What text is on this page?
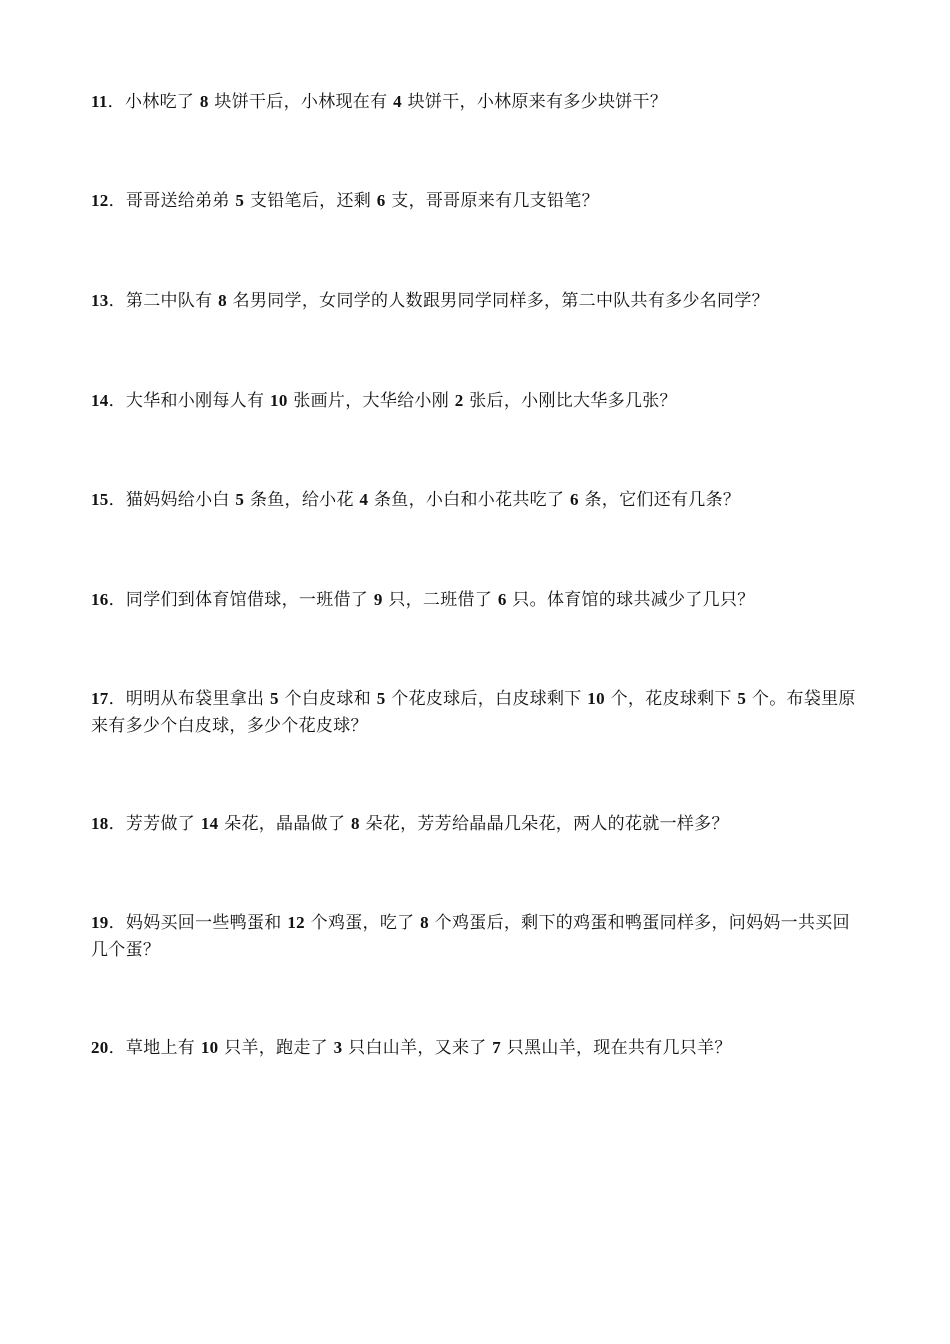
11．小林吃了 8 块饼干后，小林现在有 4 块饼干，小林原来有多少块饼干？

12．哥哥送给弟弟 5 支铅笔后，还剩 6 支，哥哥原来有几支铅笔？

13．第二中队有 8 名男同学，女同学的人数跟男同学同样多，第二中队共有多少名同学？

14．大华和小刚每人有 10 张画片，大华给小刚 2 张后，小刚比大华多几张？

15．猫妈妈给小白 5 条鱼，给小花 4 条鱼，小白和小花共吃了 6 条，它们还有几条？

16．同学们到体育馆借球，一班借了 9 只，二班借了 6 只。体育馆的球共减少了几只？

17．明明从布袋里拿出 5 个白皮球和 5 个花皮球后，白皮球剩下 10 个，花皮球剩下 5 个。布袋里原来有多少个白皮球，多少个花皮球？

18．芳芳做了 14 朵花，晶晶做了 8 朵花，芳芳给晶晶几朵花，两人的花就一样多？

19．妈妈买回一些鸭蛋和 12 个鸡蛋，吃了 8 个鸡蛋后，剩下的鸡蛋和鸭蛋同样多，问妈妈一共买回几个蛋？

20．草地上有 10 只羊，跑走了 3 只白山羊，又来了 7 只黑山羊，现在共有几只羊？
